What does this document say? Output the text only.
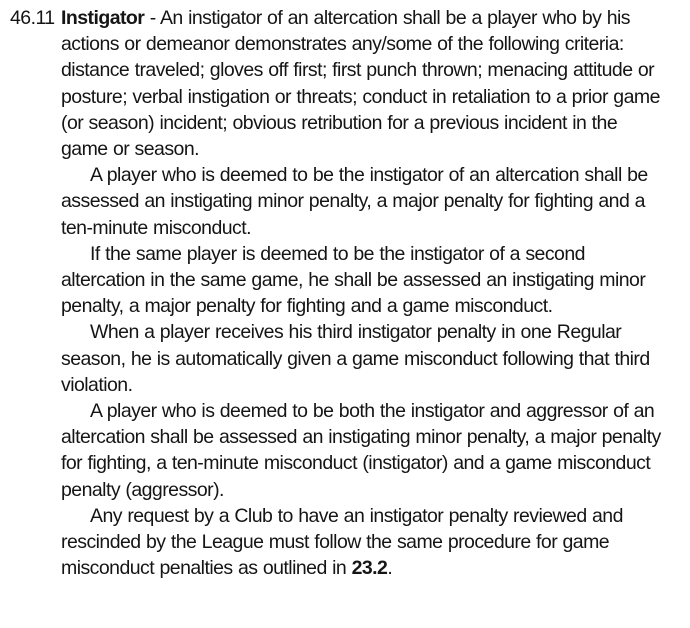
46.11 Instigator - An instigator of an altercation shall be a player who by his actions or demeanor demonstrates any/some of the following criteria: distance traveled; gloves off first; first punch thrown; menacing attitude or posture; verbal instigation or threats; conduct in retaliation to a prior game (or season) incident; obvious retribution for a previous incident in the game or season.

A player who is deemed to be the instigator of an altercation shall be assessed an instigating minor penalty, a major penalty for fighting and a ten-minute misconduct.

If the same player is deemed to be the instigator of a second altercation in the same game, he shall be assessed an instigating minor penalty, a major penalty for fighting and a game misconduct.

When a player receives his third instigator penalty in one Regular season, he is automatically given a game misconduct following that third violation.

A player who is deemed to be both the instigator and aggressor of an altercation shall be assessed an instigating minor penalty, a major penalty for fighting, a ten-minute misconduct (instigator) and a game misconduct penalty (aggressor).

Any request by a Club to have an instigator penalty reviewed and rescinded by the League must follow the same procedure for game misconduct penalties as outlined in 23.2.
